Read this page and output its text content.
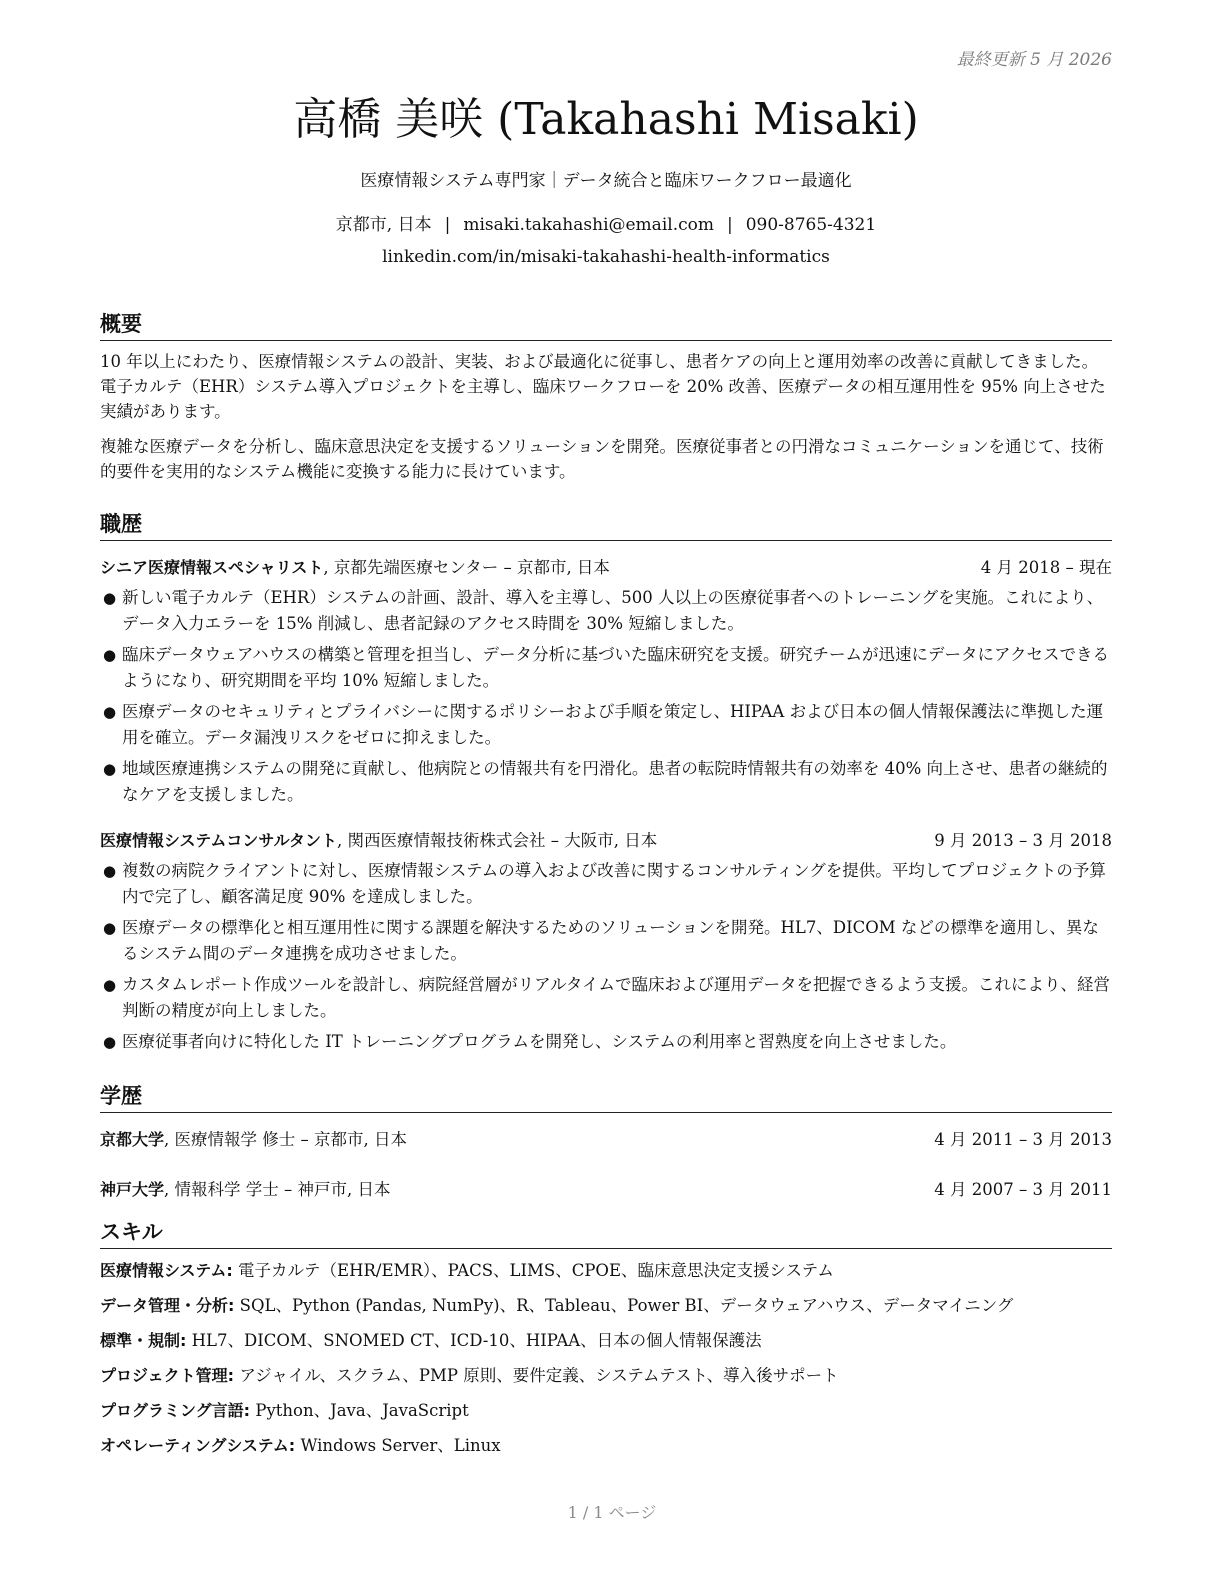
最終更新 5 月 2026
高橋 美咲 (Takahashi Misaki)
医療情報システム専門家｜データ統合と臨床ワークフロー最適化
京都市, 日本 | misaki.takahashi@email.com | 090-8765-4321
linkedin.com/in/misaki-takahashi-health-informatics
概要

10 年以上にわたり、医療情報システムの設計、実装、および最適化に従事し、患者ケアの向上と運用効率の改善に貢献してきました。電子カルテ（EHR）システム導入プロジェクトを主導し、臨床ワークフローを 20% 改善、医療データの相互運用性を 95% 向上させた実績があります。

複雑な医療データを分析し、臨床意思決定を支援するソリューションを開発。医療従事者との円滑なコミュニケーションを通じて、技術的要件を実用的なシステム機能に変換する能力に長けています。

職歴
シニア医療情報スペシャリスト, 京都先端医療センター – 京都市, 日本	4 月 2018 – 現在
● 新しい電子カルテ（EHR）システムの計画、設計、導入を主導し、500 人以上の医療従事者へのトレーニングを実施。これにより、データ入力エラーを 15% 削減し、患者記録のアクセス時間を 30% 短縮しました。
● 臨床データウェアハウスの構築と管理を担当し、データ分析に基づいた臨床研究を支援。研究チームが迅速にデータにアクセスできるようになり、研究期間を平均 10% 短縮しました。
● 医療データのセキュリティとプライバシーに関するポリシーおよび手順を策定し、HIPAA および日本の個人情報保護法に準拠した運用を確立。データ漏洩リスクをゼロに抑えました。
● 地域医療連携システムの開発に貢献し、他病院との情報共有を円滑化。患者の転院時情報共有の効率を 40% 向上させ、患者の継続的なケアを支援しました。
医療情報システムコンサルタント, 関西医療情報技術株式会社 – 大阪市, 日本	9 月 2013 – 3 月 2018
● 複数の病院クライアントに対し、医療情報システムの導入および改善に関するコンサルティングを提供。平均してプロジェクトの予算内で完了し、顧客満足度 90% を達成しました。
● 医療データの標準化と相互運用性に関する課題を解決するためのソリューションを開発。HL7、DICOM などの標準を適用し、異なるシステム間のデータ連携を成功させました。
● カスタムレポート作成ツールを設計し、病院経営層がリアルタイムで臨床および運用データを把握できるよう支援。これにより、経営判断の精度が向上しました。
● 医療従事者向けに特化した IT トレーニングプログラムを開発し、システムの利用率と習熟度を向上させました。
学歴
京都大学, 医療情報学 修士 – 京都市, 日本	4 月 2011 – 3 月 2013
神戸大学, 情報科学 学士 – 神戸市, 日本	4 月 2007 – 3 月 2011
スキル
医療情報システム: 電子カルテ（EHR/EMR）、PACS、LIMS、CPOE、臨床意思決定支援システム
データ管理・分析: SQL、Python (Pandas, NumPy)、R、Tableau、Power BI、データウェアハウス、データマイニング
標準・規制: HL7、DICOM、SNOMED CT、ICD-10、HIPAA、日本の個人情報保護法
プロジェクト管理: アジャイル、スクラム、PMP 原則、要件定義、システムテスト、導入後サポート
プログラミング言語: Python、Java、JavaScript
オペレーティングシステム: Windows Server、Linux
1 / 1 ページ
